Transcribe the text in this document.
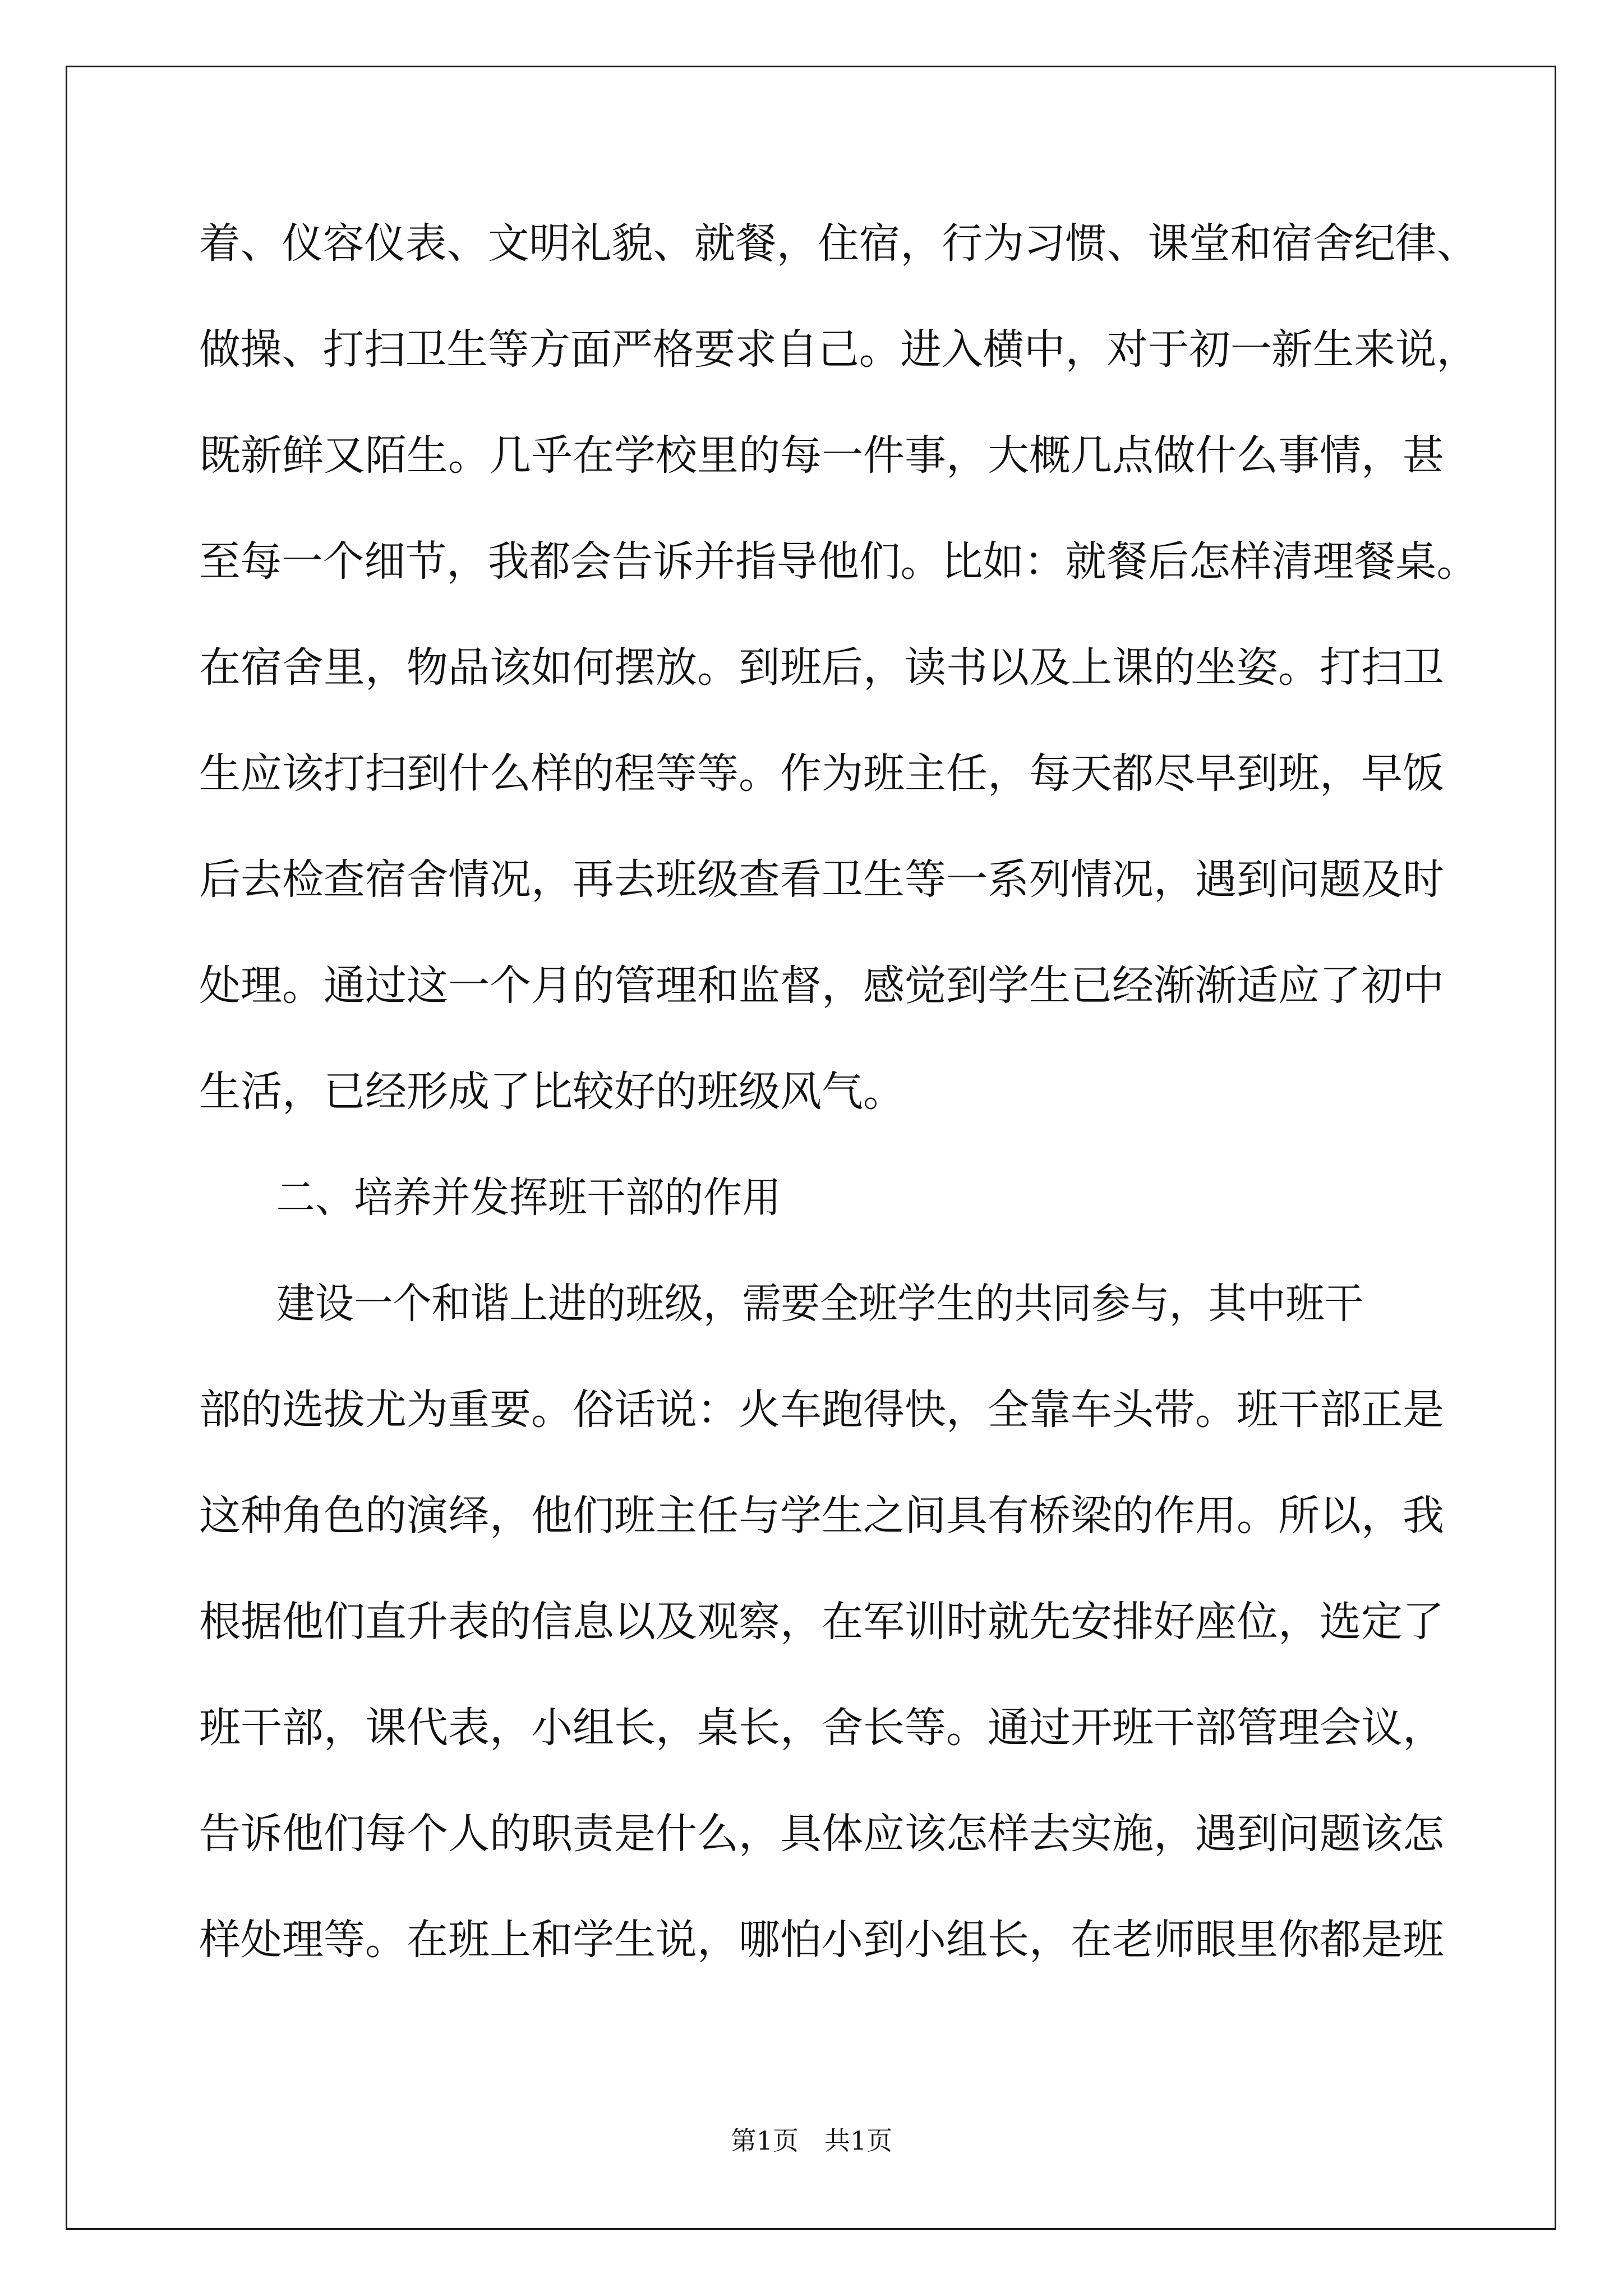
着、仪容仪表、文明礼貌、就餐，住宿，行为习惯、课堂和宿舍纪律、

做操、打扫卫生等方面严格要求自己。进入横中，对于初一新生来说，

既新鲜又陌生。几乎在学校里的每一件事，大概几点做什么事情，甚

至每一个细节，我都会告诉并指导他们。比如：就餐后怎样清理餐桌。

在宿舍里，物品该如何摆放。到班后，读书以及上课的坐姿。打扫卫

生应该打扫到什么样的程等等。作为班主任，每天都尽早到班，早饭

后去检查宿舍情况，再去班级查看卫生等一系列情况，遇到问题及时

处理。通过这一个月的管理和监督，感觉到学生已经渐渐适应了初中

生活，已经形成了比较好的班级风气。

二、培养并发挥班干部的作用

建设一个和谐上进的班级，需要全班学生的共同参与，其中班干

部的选拔尤为重要。俗话说：火车跑得快，全靠车头带。班干部正是

这种角色的演绎，他们班主任与学生之间具有桥梁的作用。所以，我

根据他们直升表的信息以及观察，在军训时就先安排好座位，选定了

班干部，课代表，小组长，桌长，舍长等。通过开班干部管理会议，

告诉他们每个人的职责是什么，具体应该怎样去实施，遇到问题该怎

样处理等。在班上和学生说，哪怕小到小组长，在老师眼里你都是班

第1页　共1页
